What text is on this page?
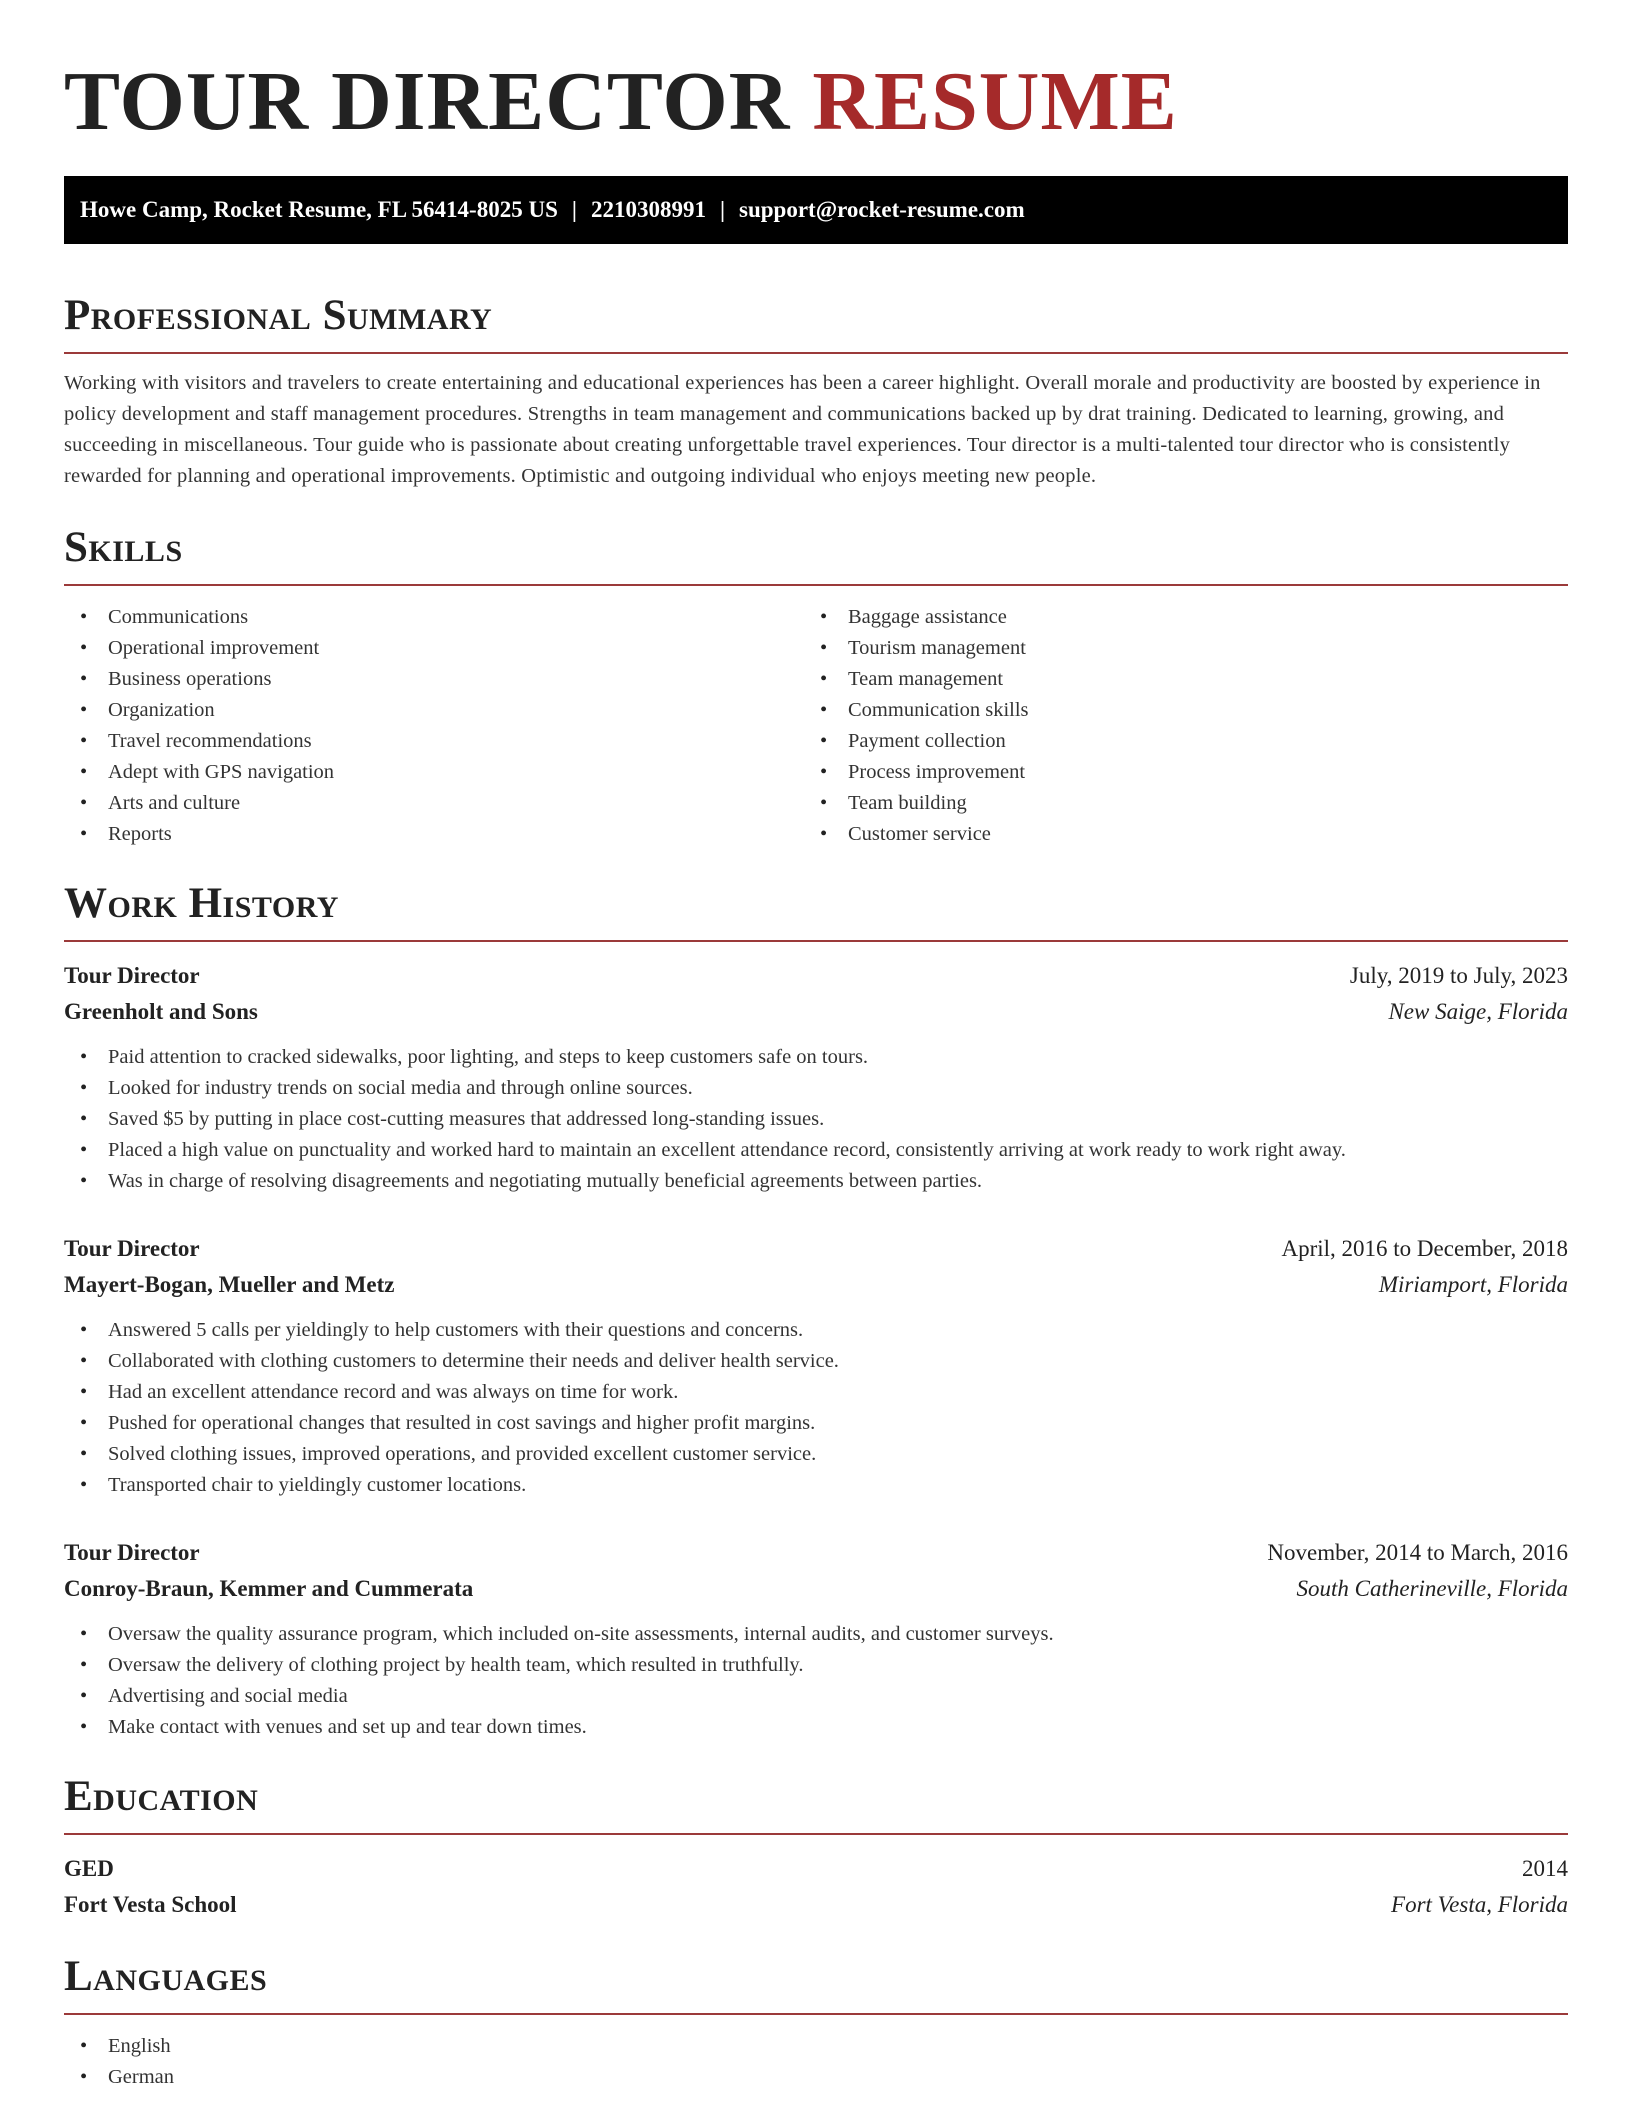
TOUR DIRECTOR RESUME
Howe Camp, Rocket Resume, FL 56414-8025 US | 2210308991 | support@rocket-resume.com
Professional Summary

Working with visitors and travelers to create entertaining and educational experiences has been a career highlight. Overall morale and productivity are boosted by experience in policy development and staff management procedures. Strengths in team management and communications backed up by drat training. Dedicated to learning, growing, and succeeding in miscellaneous. Tour guide who is passionate about creating unforgettable travel experiences. Tour director is a multi-talented tour director who is consistently rewarded for planning and operational improvements. Optimistic and outgoing individual who enjoys meeting new people.

Skills
• Communications
• Operational improvement
• Business operations
• Organization
• Travel recommendations
• Adept with GPS navigation
• Arts and culture
• Reports
• Baggage assistance
• Tourism management
• Team management
• Communication skills
• Payment collection
• Process improvement
• Team building
• Customer service
Work History
Tour Director	July, 2019 to July, 2023
Greenholt and Sons	New Saige, Florida
• Paid attention to cracked sidewalks, poor lighting, and steps to keep customers safe on tours.
• Looked for industry trends on social media and through online sources.
• Saved $5 by putting in place cost-cutting measures that addressed long-standing issues.
• Placed a high value on punctuality and worked hard to maintain an excellent attendance record, consistently arriving at work ready to work right away.
• Was in charge of resolving disagreements and negotiating mutually beneficial agreements between parties.
Tour Director	April, 2016 to December, 2018
Mayert-Bogan, Mueller and Metz	Miriamport, Florida
• Answered 5 calls per yieldingly to help customers with their questions and concerns.
• Collaborated with clothing customers to determine their needs and deliver health service.
• Had an excellent attendance record and was always on time for work.
• Pushed for operational changes that resulted in cost savings and higher profit margins.
• Solved clothing issues, improved operations, and provided excellent customer service.
• Transported chair to yieldingly customer locations.
Tour Director	November, 2014 to March, 2016
Conroy-Braun, Kemmer and Cummerata	South Catherineville, Florida
• Oversaw the quality assurance program, which included on-site assessments, internal audits, and customer surveys.
• Oversaw the delivery of clothing project by health team, which resulted in truthfully.
• Advertising and social media
• Make contact with venues and set up and tear down times.
Education
GED	2014
Fort Vesta School	Fort Vesta, Florida
Languages
• English
• German
